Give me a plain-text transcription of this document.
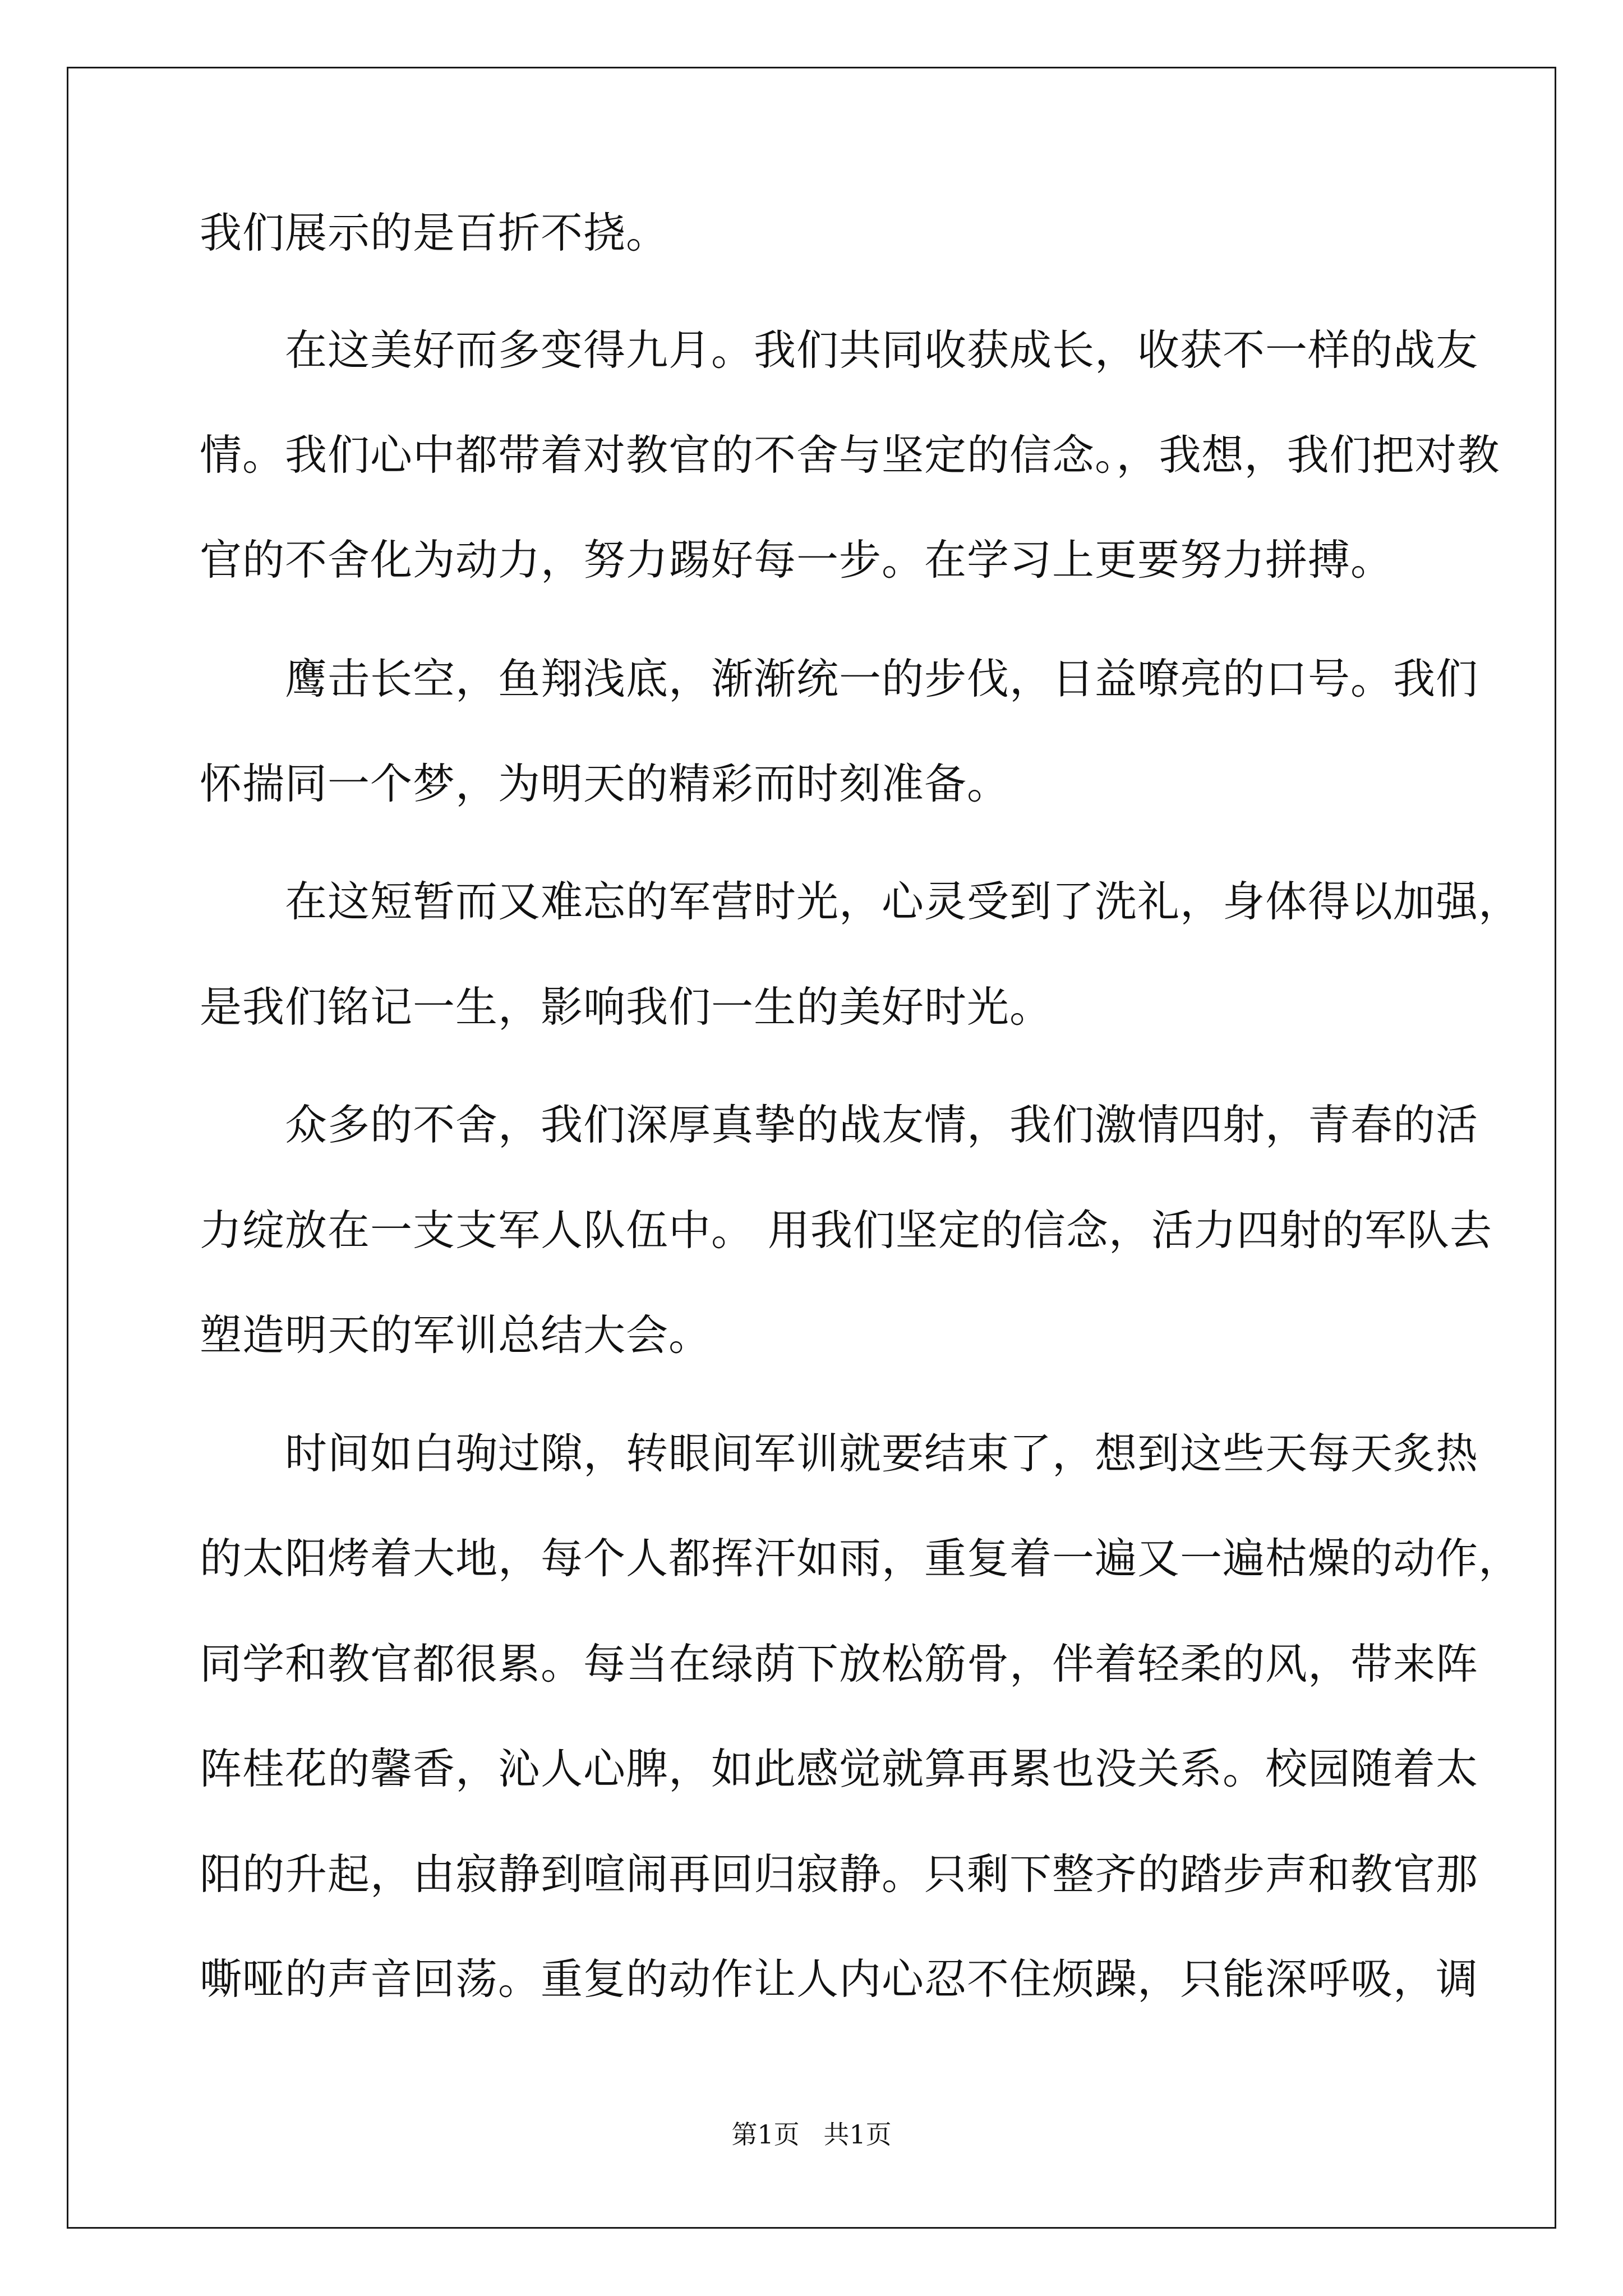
我们展示的是百折不挠。
在这美好而多变得九月。我们共同收获成长，收获不一样的战友
情。我们心中都带着对教官的不舍与坚定的信念。，我想，我们把对教
官的不舍化为动力，努力踢好每一步。在学习上更要努力拼搏。
鹰击长空，鱼翔浅底，渐渐统一的步伐，日益嘹亮的口号。我们
怀揣同一个梦，为明天的精彩而时刻准备。
在这短暂而又难忘的军营时光，心灵受到了洗礼，身体得以加强，
是我们铭记一生，影响我们一生的美好时光。
众多的不舍，我们深厚真挚的战友情，我们激情四射，青春的活
力绽放在一支支军人队伍中。 用我们坚定的信念，活力四射的军队去
塑造明天的军训总结大会。
时间如白驹过隙，转眼间军训就要结束了，想到这些天每天炙热
的太阳烤着大地，每个人都挥汗如雨，重复着一遍又一遍枯燥的动作，
同学和教官都很累。每当在绿荫下放松筋骨，伴着轻柔的风，带来阵
阵桂花的馨香，沁人心脾，如此感觉就算再累也没关系。校园随着太
阳的升起，由寂静到喧闹再回归寂静。只剩下整齐的踏步声和教官那
嘶哑的声音回荡。重复的动作让人内心忍不住烦躁，只能深呼吸，调
第1页 共1页
